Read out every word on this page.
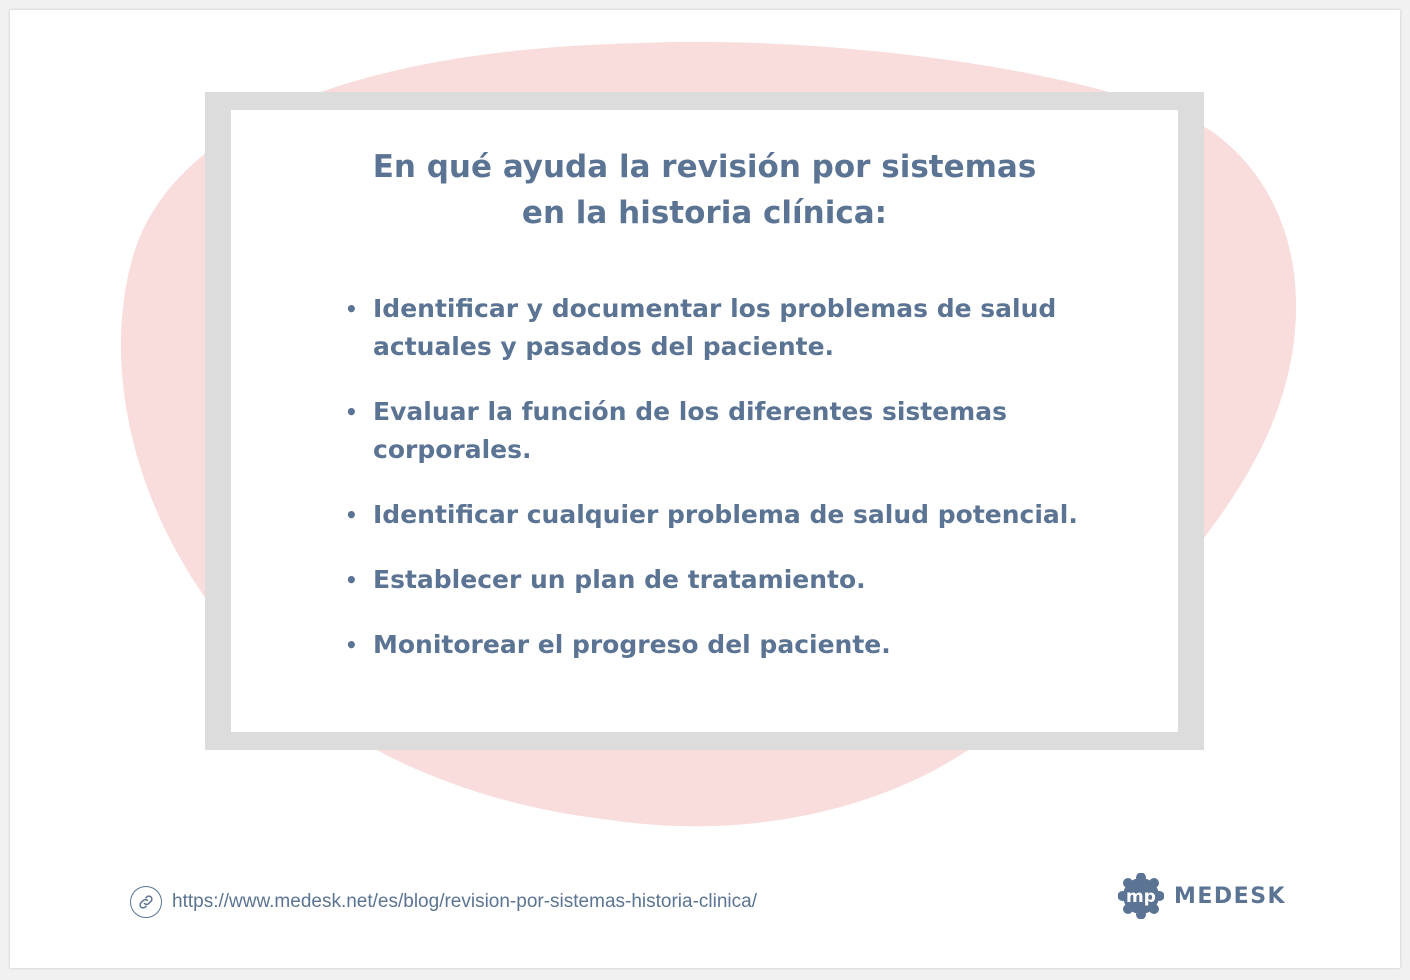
En qué ayuda la revisión por sistemas
en la historia clínica:
• Identificar y documentar los problemas de salud actuales y pasados del paciente.
• Evaluar la función de los diferentes sistemas corporales.
• Identificar cualquier problema de salud potencial.
• Establecer un plan de tratamiento.
• Monitorear el progreso del paciente.
https://www.medesk.net/es/blog/revision-por-sistemas-historia-clinica/	mp MEDESK
